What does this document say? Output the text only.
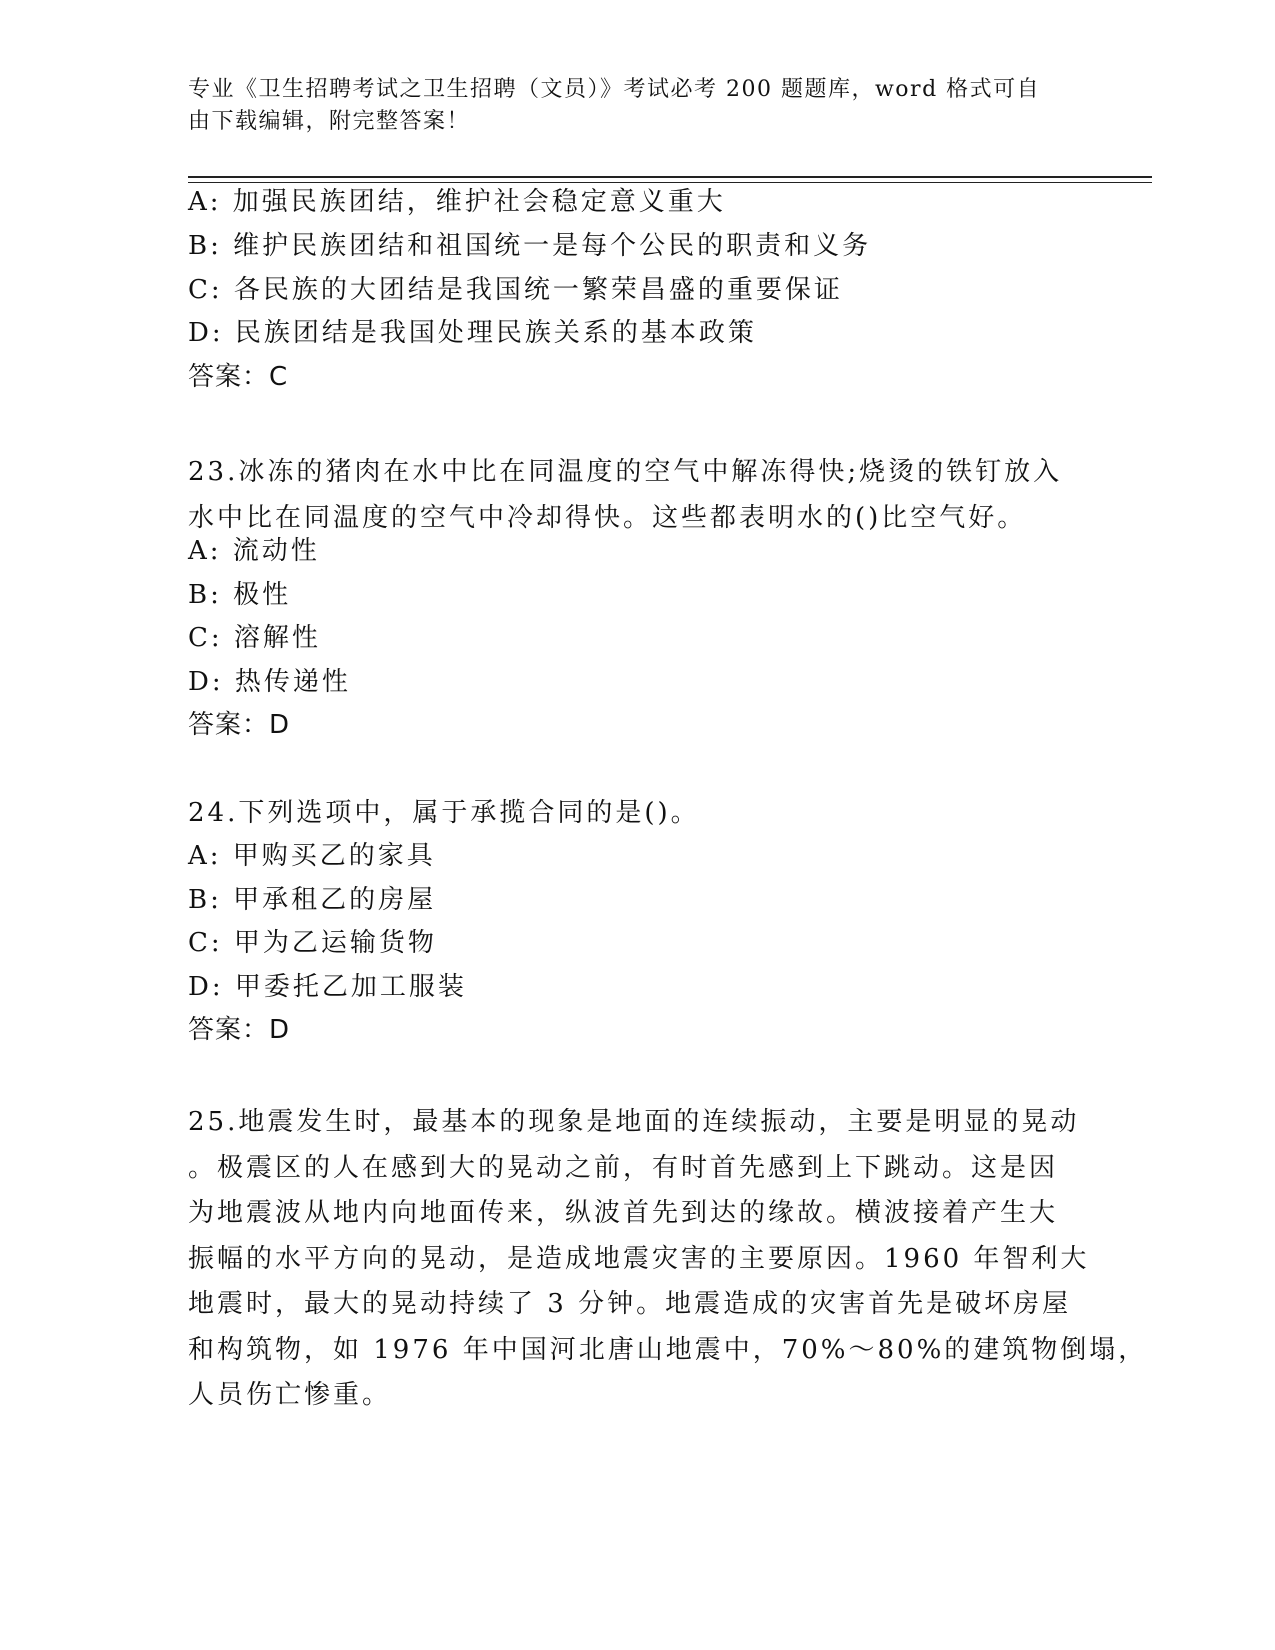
专业《卫生招聘考试之卫生招聘（文员）》考试必考 200 题题库，word 格式可自
由下载编辑，附完整答案！
A: 加强民族团结，维护社会稳定意义重大
B: 维护民族团结和祖国统一是每个公民的职责和义务
C: 各民族的大团结是我国统一繁荣昌盛的重要保证
D: 民族团结是我国处理民族关系的基本政策
答案：C
23.冰冻的猪肉在水中比在同温度的空气中解冻得快;烧烫的铁钉放入
水中比在同温度的空气中冷却得快。这些都表明水的()比空气好。
A: 流动性
B: 极性
C: 溶解性
D: 热传递性
答案：D
24.下列选项中，属于承揽合同的是()。
A: 甲购买乙的家具
B: 甲承租乙的房屋
C: 甲为乙运输货物
D: 甲委托乙加工服装
答案：D
25.地震发生时，最基本的现象是地面的连续振动，主要是明显的晃动
。极震区的人在感到大的晃动之前，有时首先感到上下跳动。这是因
为地震波从地内向地面传来，纵波首先到达的缘故。横波接着产生大
振幅的水平方向的晃动，是造成地震灾害的主要原因。1960 年智利大
地震时，最大的晃动持续了 3 分钟。地震造成的灾害首先是破坏房屋
和构筑物，如 1976 年中国河北唐山地震中，70%～80%的建筑物倒塌，
人员伤亡惨重。
